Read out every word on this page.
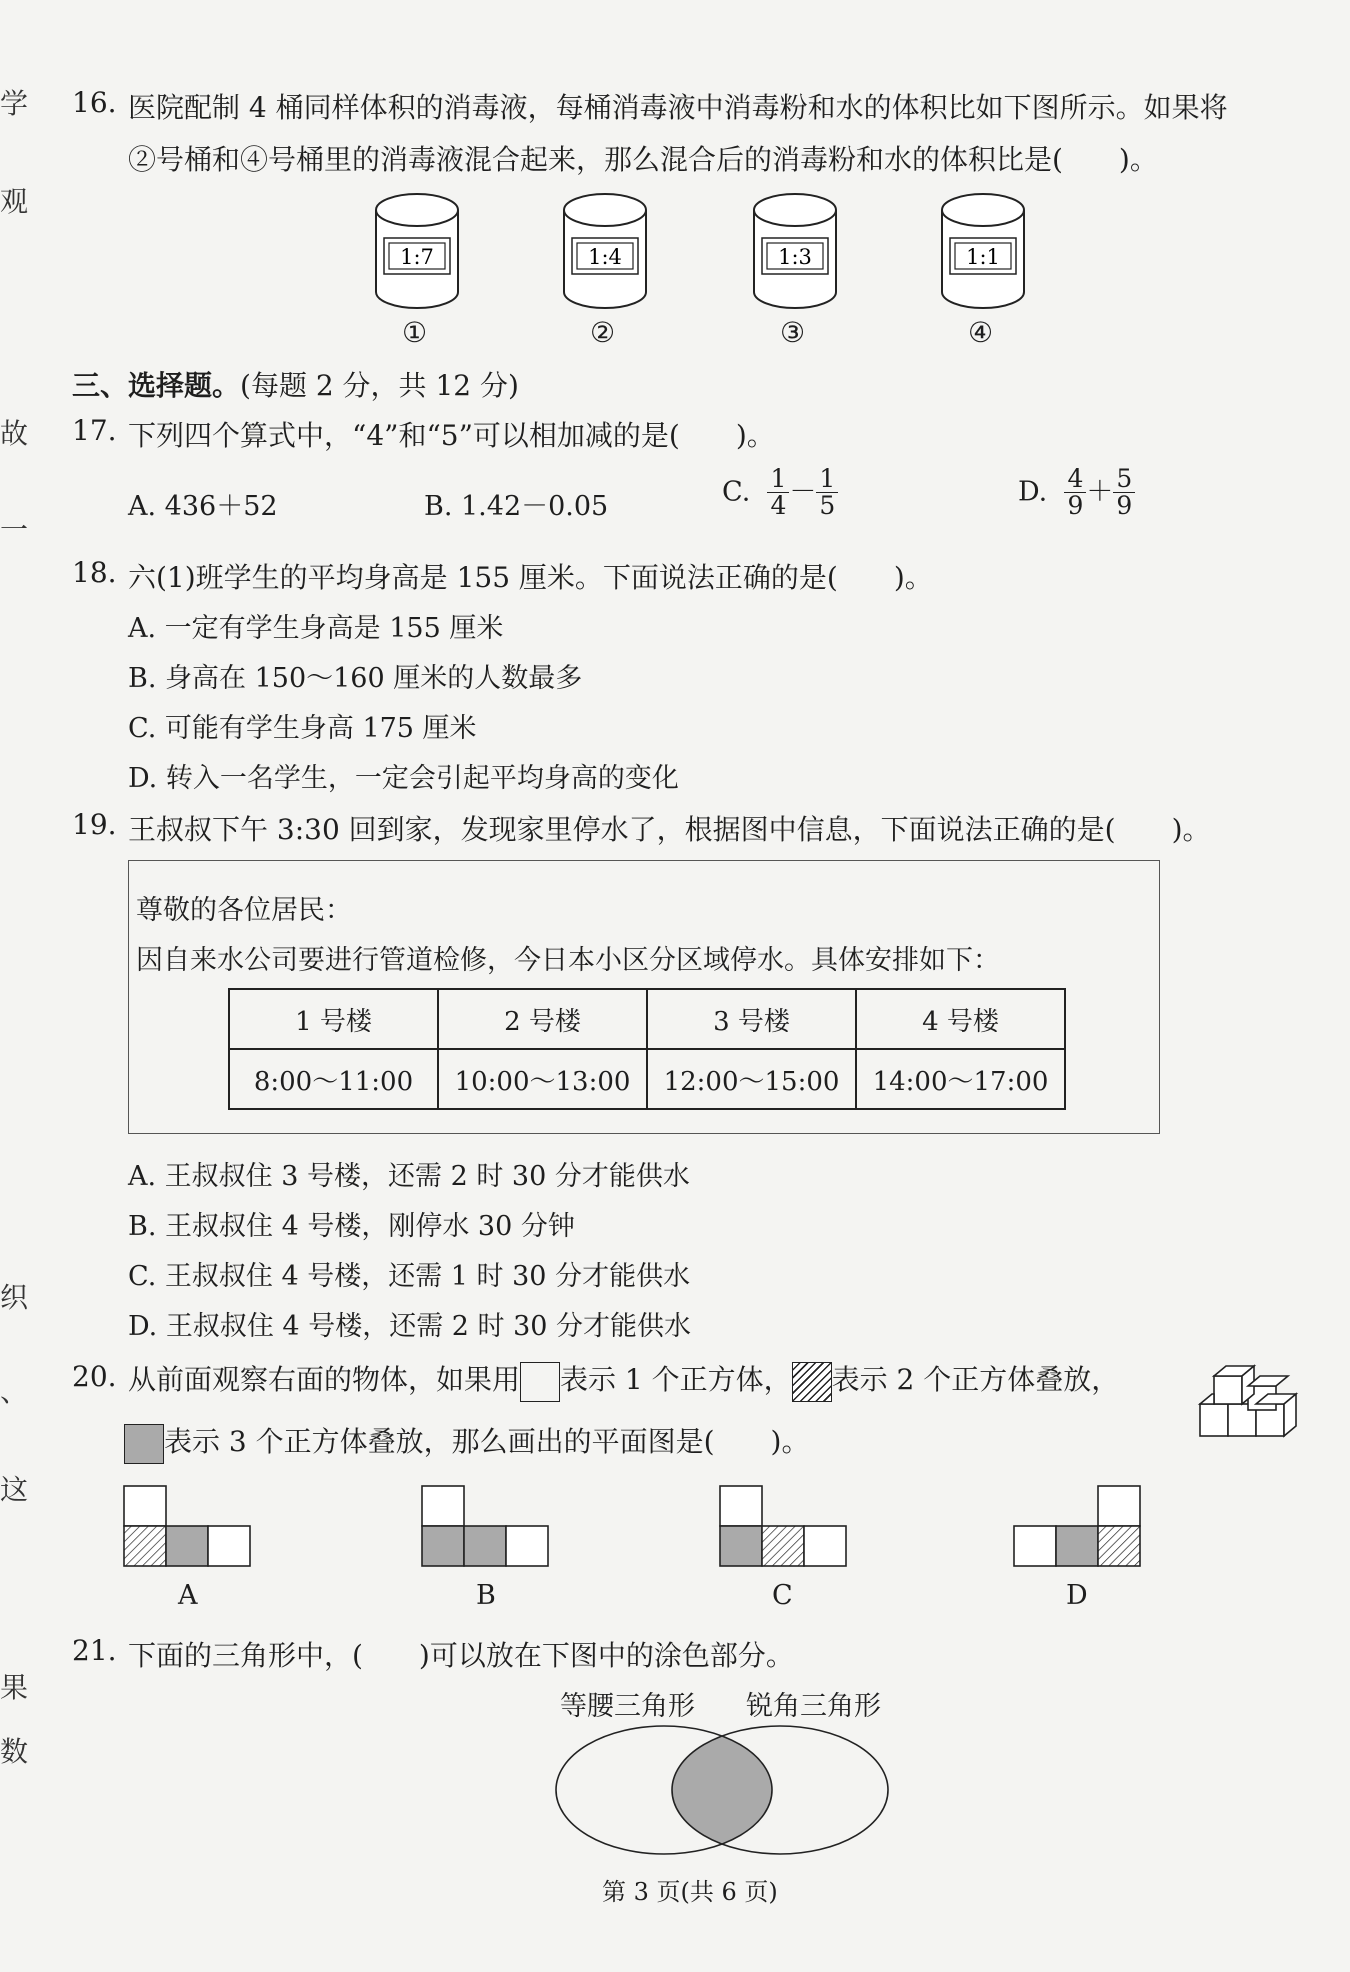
学
观
故
一
织
、
这
果
数
16. 医院配制 4 桶同样体积的消毒液，每桶消毒液中消毒粉和水的体积比如下图所示。如果将
②号桶和④号桶里的消毒液混合起来，那么混合后的消毒粉和水的体积比是(　　)。
1:7	1:4	1:3	1:1
①	②	③	④
三、选择题。(每题 2 分，共 12 分)
17. 下列四个算式中，“4”和“5”可以相加减的是(　　)。
A. 436＋52	B. 1.42－0.05	C. $\frac{1}{4} - \frac{1}{5}$	D. $\frac{4}{9} + \frac{5}{9}$
18. 六(1)班学生的平均身高是 155 厘米。下面说法正确的是(　　)。
A. 一定有学生身高是 155 厘米
B. 身高在 150～160 厘米的人数最多
C. 可能有学生身高 175 厘米
D. 转入一名学生，一定会引起平均身高的变化
19. 王叔叔下午 3:30 回到家，发现家里停水了，根据图中信息，下面说法正确的是(　　)。
尊敬的各位居民：
因自来水公司要进行管道检修，今日本小区分区域停水。具体安排如下：
1 号楼	2 号楼	3 号楼	4 号楼
8:00～11:00	10:00～13:00	12:00～15:00	14:00～17:00
A. 王叔叔住 3 号楼，还需 2 时 30 分才能供水
B. 王叔叔住 4 号楼，刚停水 30 分钟
C. 王叔叔住 4 号楼，还需 1 时 30 分才能供水
D. 王叔叔住 4 号楼，还需 2 时 30 分才能供水
20. 从前面观察右面的物体，如果用 表示 1 个正方体， 表示 2 个正方体叠放，
表示 3 个正方体叠放，那么画出的平面图是(　　)。
A	B	C	D
21. 下面的三角形中，(　　)可以放在下图中的涂色部分。
等腰三角形 锐角三角形
第 3 页(共 6 页)
